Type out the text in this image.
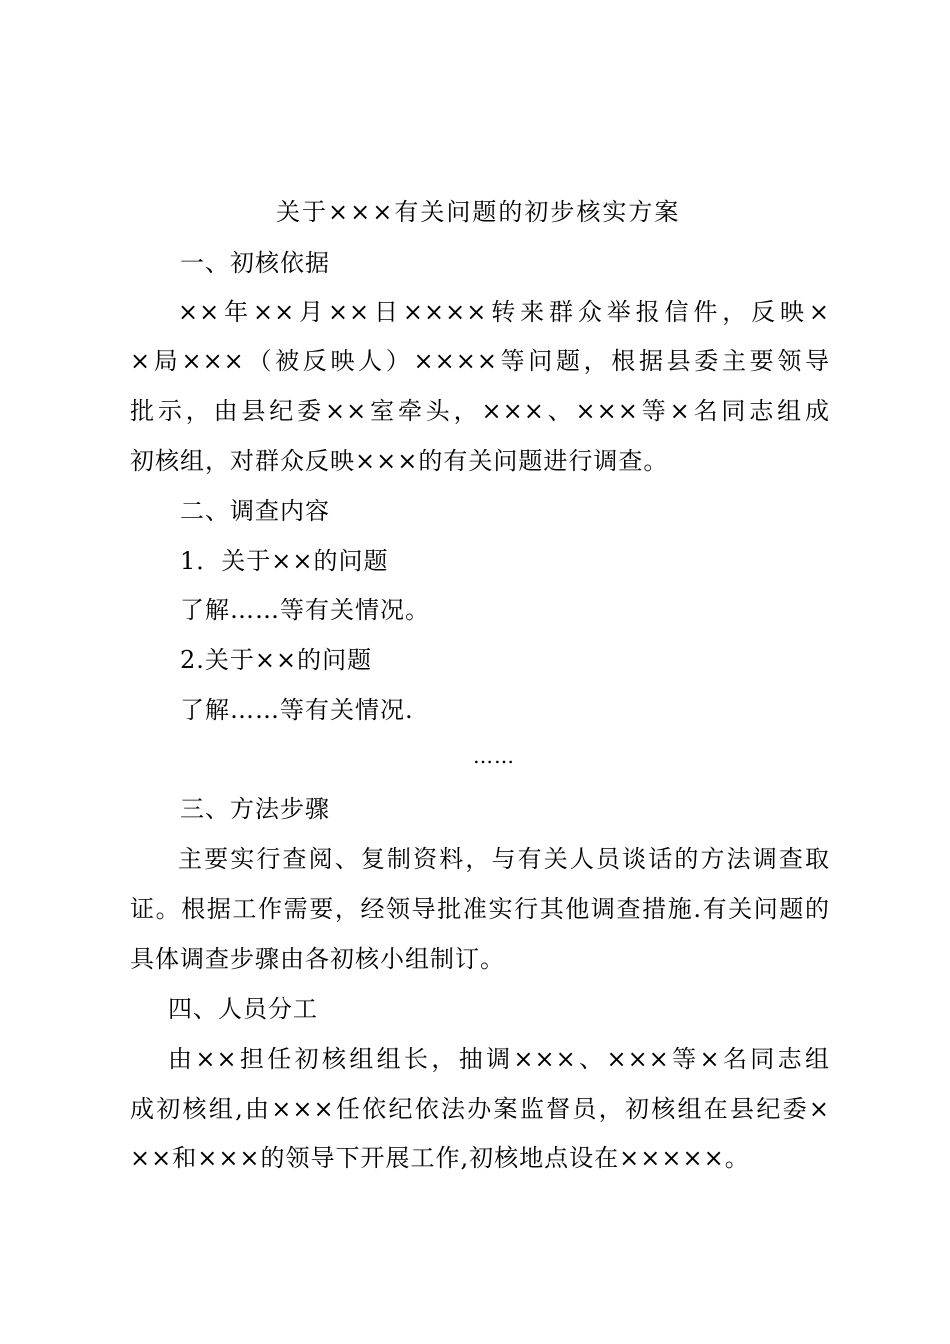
关于×××有关问题的初步核实方案
一、初核依据
××年××月××日××××转来群众举报信件，反映×
×局×××（被反映人）××××等问题，根据县委主要领导
批示，由县纪委××室牵头，×××、×××等×名同志组成
初核组，对群众反映×××的有关问题进行调查。
二、调查内容
1．关于××的问题
了解……等有关情况。
2.关于××的问题
了解……等有关情况.
……
三、方法步骤
主要实行查阅、复制资料，与有关人员谈话的方法调查取
证。根据工作需要，经领导批准实行其他调查措施.有关问题的
具体调查步骤由各初核小组制订。
四、人员分工
由××担任初核组组长，抽调×××、×××等×名同志组
成初核组,由×××任依纪依法办案监督员，初核组在县纪委×
××和×××的领导下开展工作,初核地点设在×××××。
